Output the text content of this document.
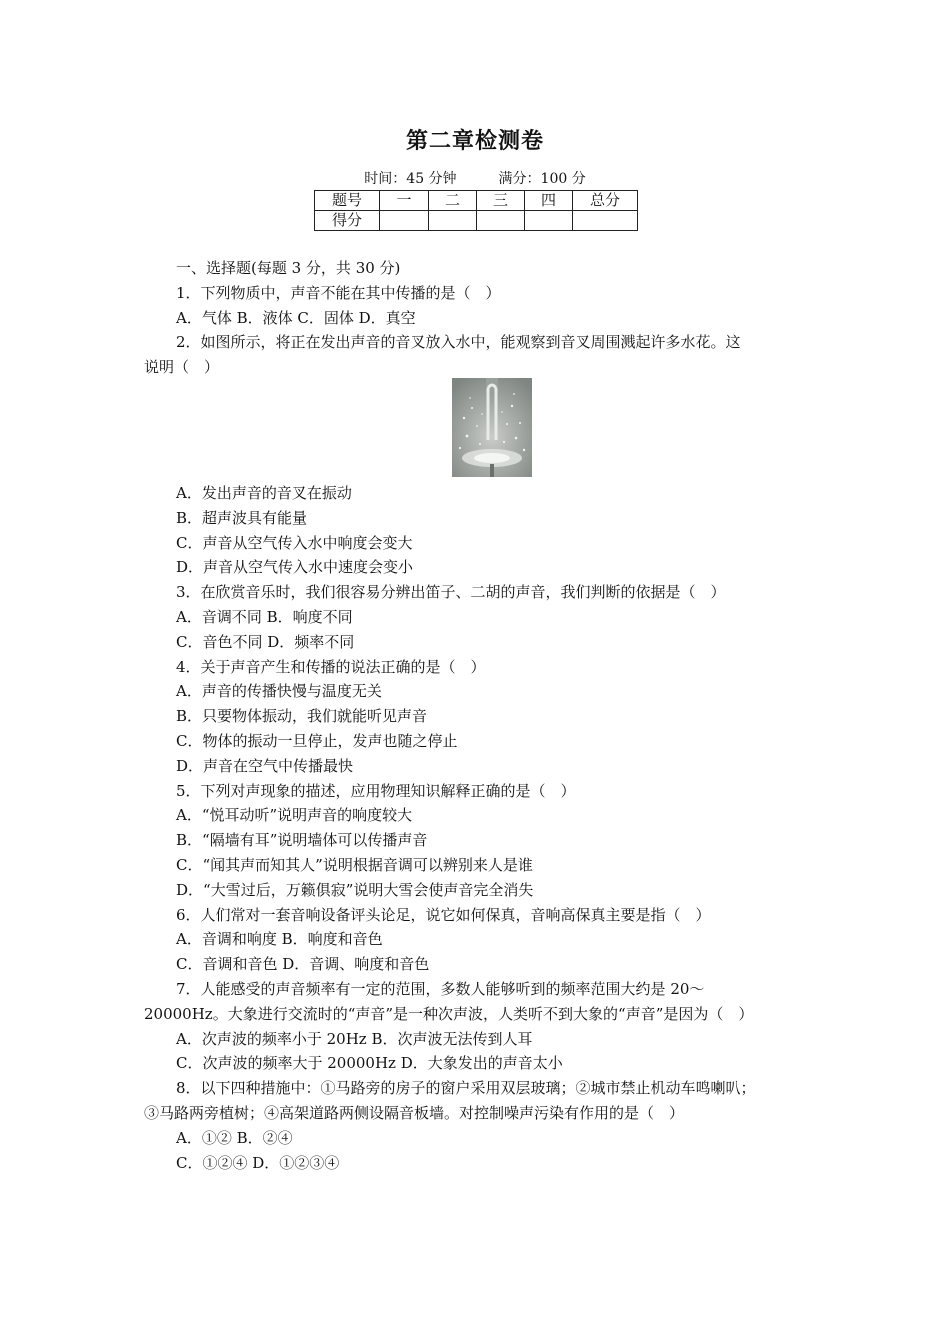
第二章检测卷
时间：45 分钟	满分：100 分
题号	一	二	三	四	总分
得分					
一、选择题(每题 3 分，共 30 分)
1．下列物质中，声音不能在其中传播的是（　）
A．气体 B．液体 C．固体 D．真空
2．如图所示，将正在发出声音的音叉放入水中，能观察到音叉周围溅起许多水花。这
说明（　）
A．发出声音的音叉在振动
B．超声波具有能量
C．声音从空气传入水中响度会变大
D．声音从空气传入水中速度会变小
3．在欣赏音乐时，我们很容易分辨出笛子、二胡的声音，我们判断的依据是（　）
A．音调不同 B．响度不同
C．音色不同 D．频率不同
4．关于声音产生和传播的说法正确的是（　）
A．声音的传播快慢与温度无关
B．只要物体振动，我们就能听见声音
C．物体的振动一旦停止，发声也随之停止
D．声音在空气中传播最快
5．下列对声现象的描述，应用物理知识解释正确的是（　）
A．“悦耳动听”说明声音的响度较大
B．“隔墙有耳”说明墙体可以传播声音
C．“闻其声而知其人”说明根据音调可以辨别来人是谁
D．“大雪过后，万籁俱寂”说明大雪会使声音完全消失
6．人们常对一套音响设备评头论足，说它如何保真，音响高保真主要是指（　）
A．音调和响度 B．响度和音色
C．音调和音色 D．音调、响度和音色
7．人能感受的声音频率有一定的范围，多数人能够听到的频率范围大约是 20～
20000Hz。大象进行交流时的“声音”是一种次声波，人类听不到大象的“声音”是因为（　）
A．次声波的频率小于 20Hz B．次声波无法传到人耳
C．次声波的频率大于 20000Hz D．大象发出的声音太小
8．以下四种措施中：①马路旁的房子的窗户采用双层玻璃；②城市禁止机动车鸣喇叭；
③马路两旁植树；④高架道路两侧设隔音板墙。对控制噪声污染有作用的是（　）
A．①② B．②④
C．①②④ D．①②③④
